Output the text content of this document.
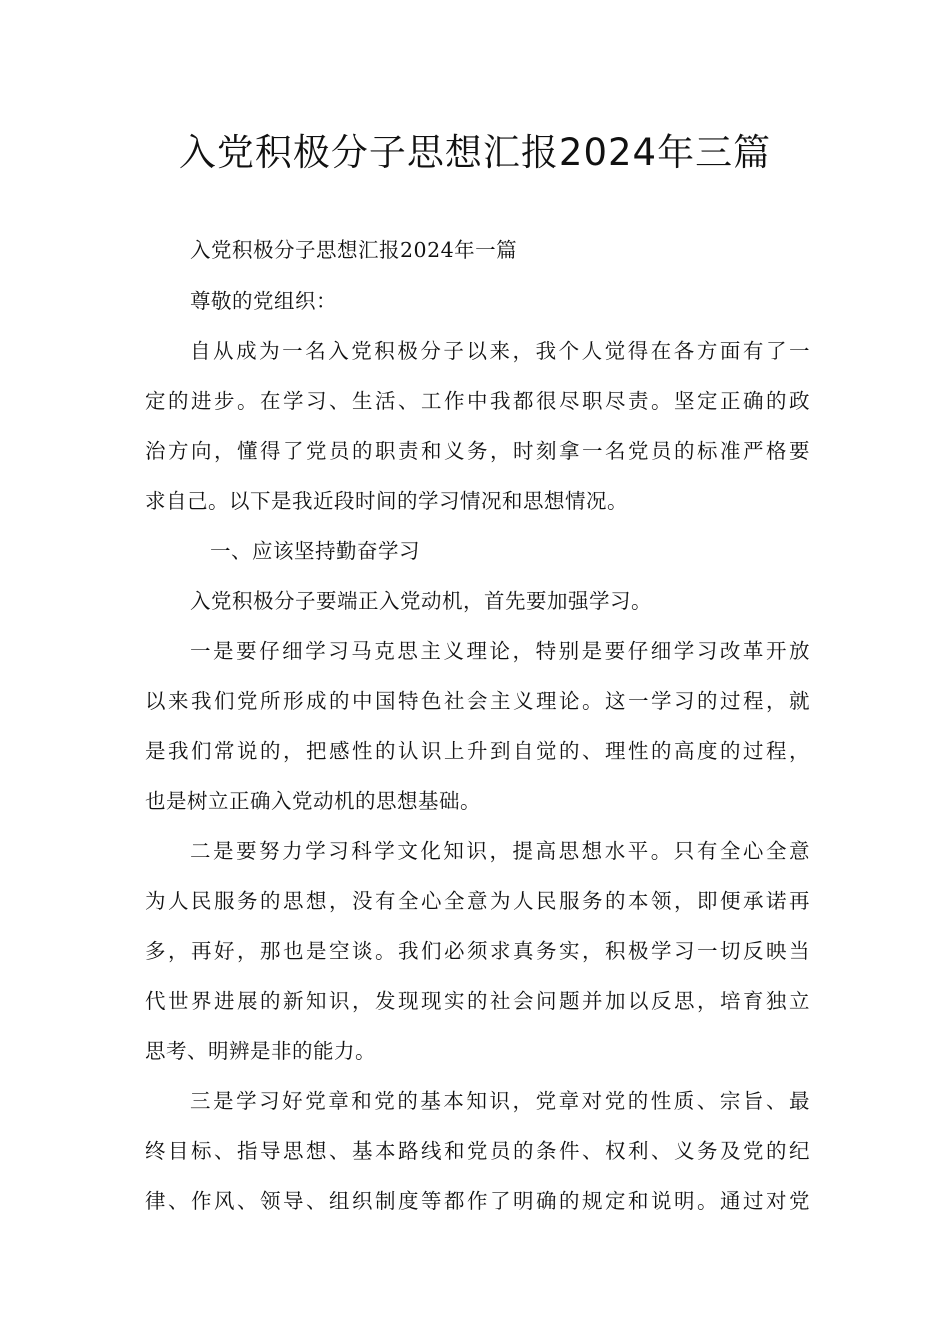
入党积极分子思想汇报2024年三篇
入党积极分子思想汇报2024年一篇
尊敬的党组织：
自从成为一名入党积极分子以来，我个人觉得在各方面有了一
定的进步。在学习、生活、工作中我都很尽职尽责。坚定正确的政
治方向，懂得了党员的职责和义务，时刻拿一名党员的标准严格要
求自己。以下是我近段时间的学习情况和思想情况。
一、应该坚持勤奋学习
入党积极分子要端正入党动机，首先要加强学习。
一是要仔细学习马克思主义理论，特别是要仔细学习改革开放
以来我们党所形成的中国特色社会主义理论。这一学习的过程，就
是我们常说的，把感性的认识上升到自觉的、理性的高度的过程，
也是树立正确入党动机的思想基础。
二是要努力学习科学文化知识，提高思想水平。只有全心全意
为人民服务的思想，没有全心全意为人民服务的本领，即便承诺再
多，再好，那也是空谈。我们必须求真务实，积极学习一切反映当
代世界进展的新知识，发现现实的社会问题并加以反思，培育独立
思考、明辨是非的能力。
三是学习好党章和党的基本知识，党章对党的性质、宗旨、最
终目标、指导思想、基本路线和党员的条件、权利、义务及党的纪
律、作风、领导、组织制度等都作了明确的规定和说明。通过对党
